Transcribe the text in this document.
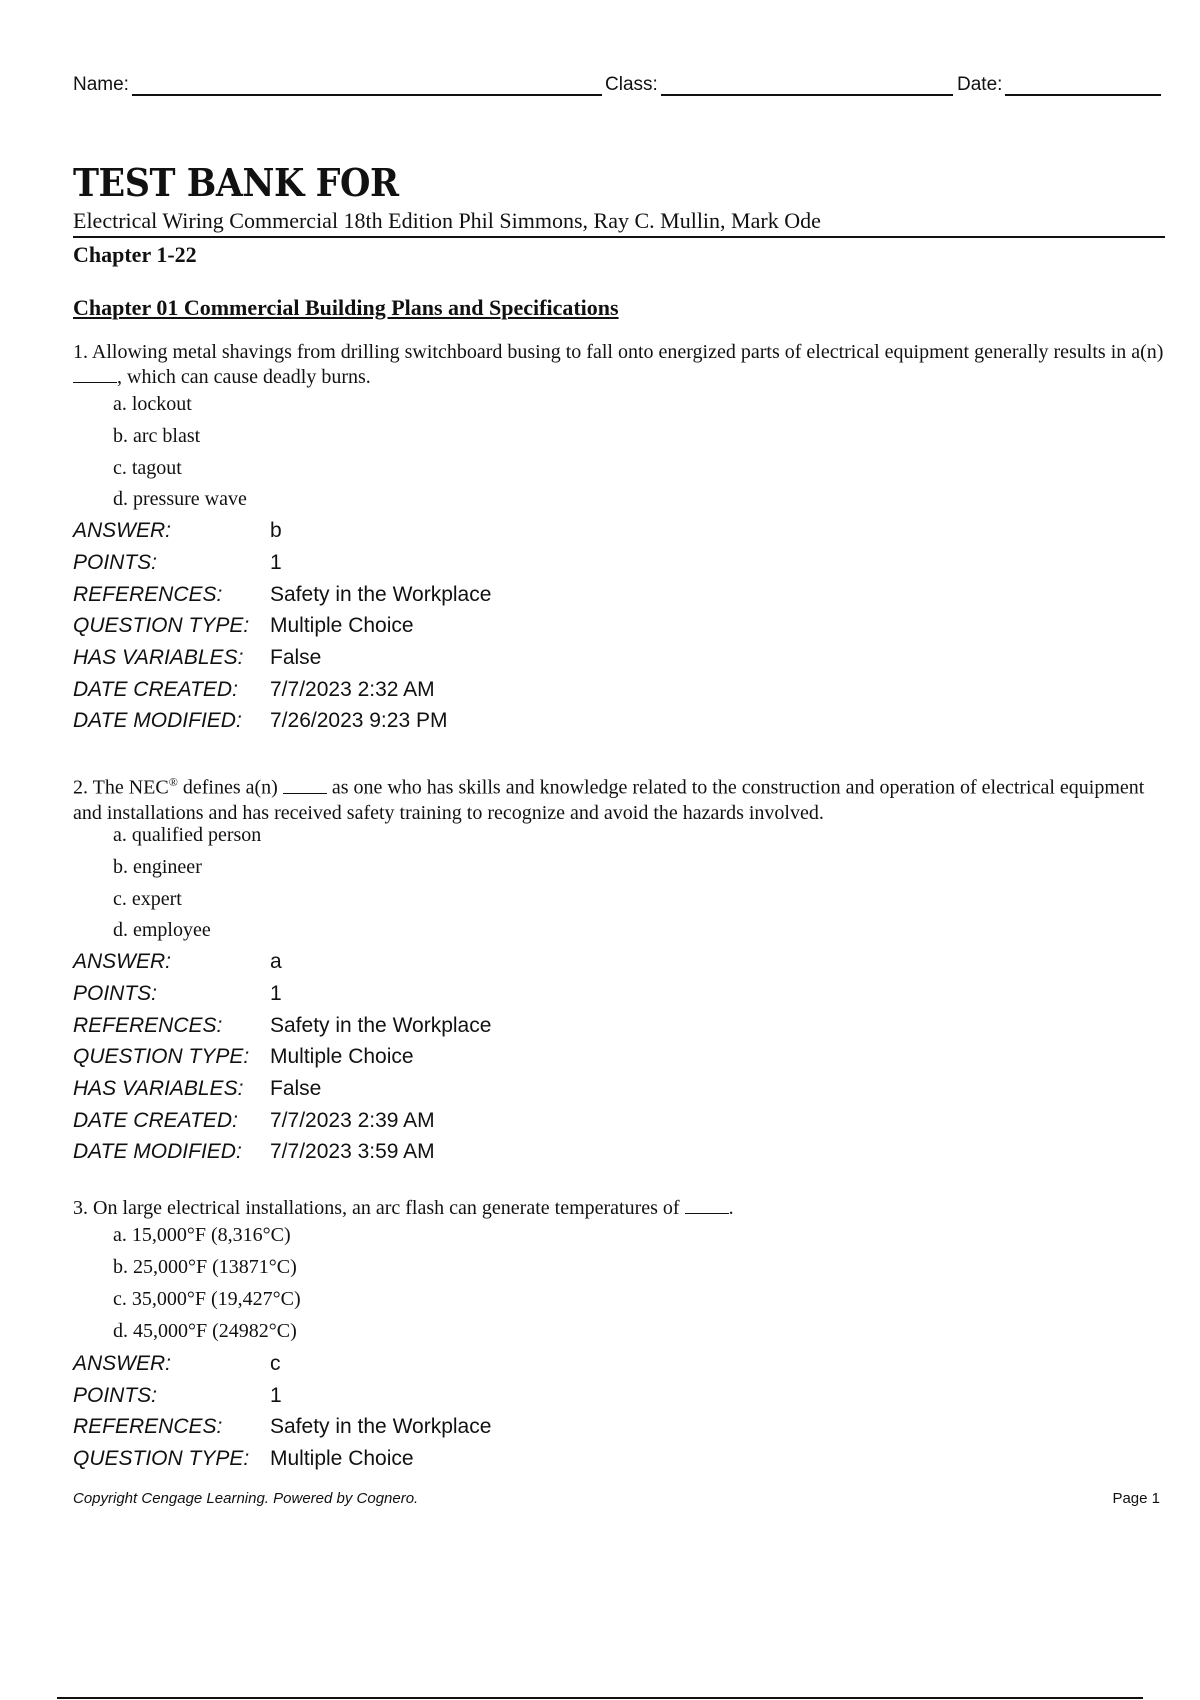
Name:	Class:	Date:
TEST BANK FOR
Electrical Wiring Commercial 18th Edition Phil Simmons, Ray C. Mullin, Mark Ode
Chapter 1-22
Chapter 01 Commercial Building Plans and Specifications
1. Allowing metal shavings from drilling switchboard busing to fall onto energized parts of electrical equipment generally results in a(n) , which can cause deadly burns.
a. lockout
b. arc blast
c. tagout
d. pressure wave
ANSWER:	b
POINTS:	1
REFERENCES: Safety in the Workplace
QUESTION TYPE: Multiple Choice
HAS VARIABLES: False
DATE CREATED: 7/7/2023 2:32 AM
DATE MODIFIED: 7/26/2023 9:23 PM
2. The NEC® defines a(n)  as one who has skills and knowledge related to the construction and operation of electrical equipment and installations and has received safety training to recognize and avoid the hazards involved.
a. qualified person
b. engineer
c. expert
d. employee
ANSWER:	a
POINTS:	1
REFERENCES: Safety in the Workplace
QUESTION TYPE: Multiple Choice
HAS VARIABLES: False
DATE CREATED: 7/7/2023 2:39 AM
DATE MODIFIED: 7/7/2023 3:59 AM
3. On large electrical installations, an arc flash can generate temperatures of .
a. 15,000°F (8,316°C)
b. 25,000°F (13871°C)
c. 35,000°F (19,427°C)
d. 45,000°F (24982°C)
ANSWER:	c
POINTS:	1
REFERENCES: Safety in the Workplace
QUESTION TYPE: Multiple Choice
Copyright Cengage Learning. Powered by Cognero.	Page 1
